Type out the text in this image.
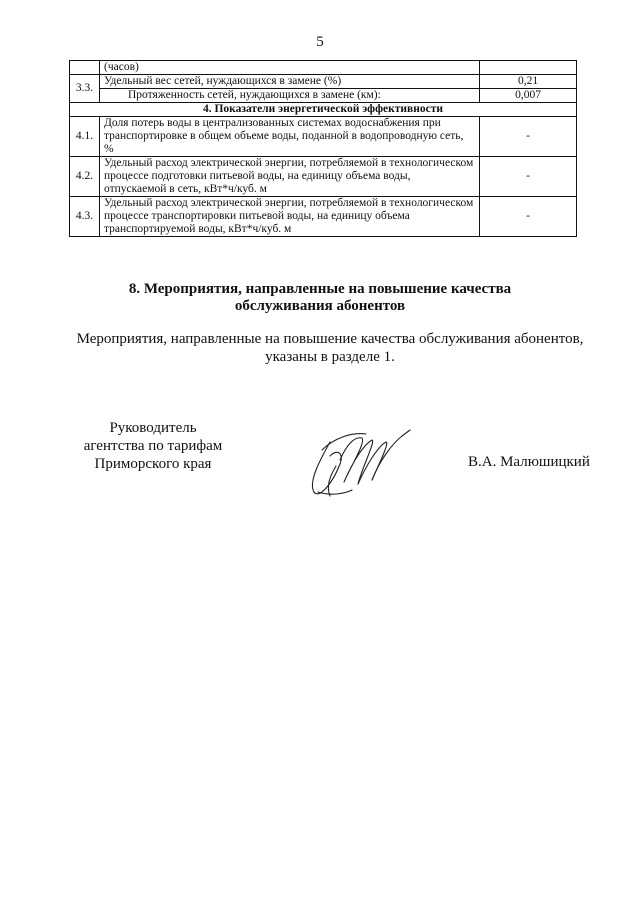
5
	(часов)	
3.3.	Удельный вес сетей, нуждающихся в замене (%)	0,21
	Протяженность сетей, нуждающихся в замене (км):	0,007
4. Показатели энергетической эффективности		
4.1.	Доля потерь воды в централизованных системах водоснабжения при транспортировке в общем объеме воды, поданной в водопроводную сеть, %	-
4.2.	Удельный расход электрической энергии, потребляемой в технологическом процессе подготовки питьевой воды, на единицу объема воды, отпускаемой в сеть, кВт*ч/куб. м	-
4.3.	Удельный расход электрической энергии, потребляемой в технологическом процессе транспортировки питьевой воды, на единицу объема транспортируемой воды, кВт*ч/куб. м	-
8. Мероприятия, направленные на повышение качества
обслуживания абонентов
Мероприятия, направленные на повышение качества обслуживания абонентов,
указаны в разделе 1.
Руководитель
агентства по тарифам
Приморского края	В.А. Малюшицкий
